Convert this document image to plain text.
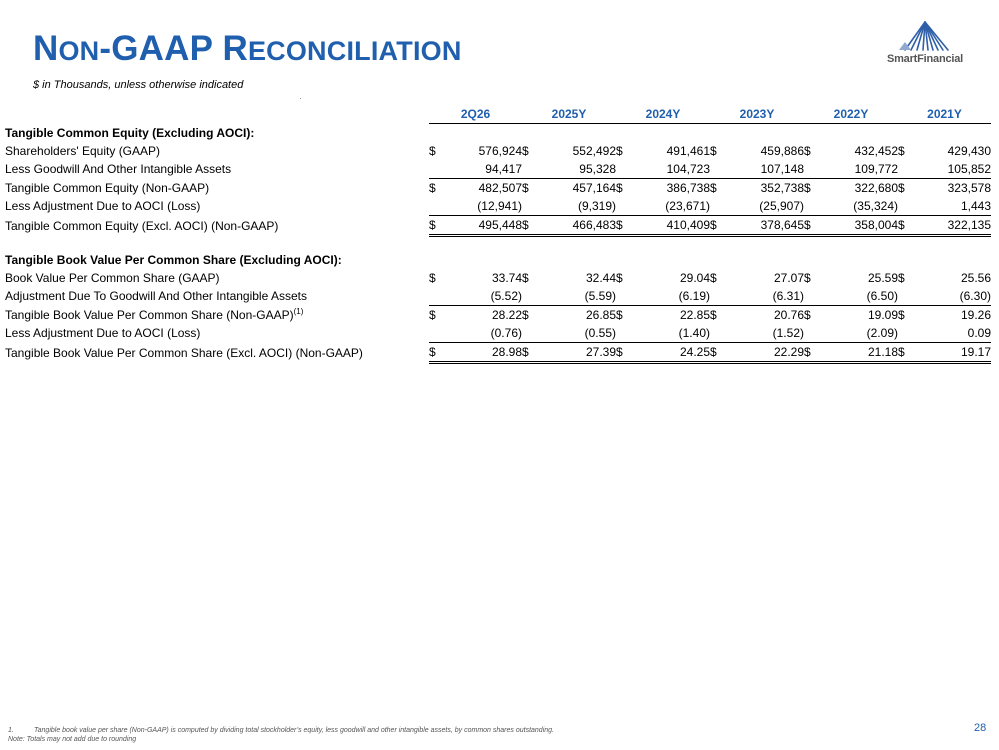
NON-GAAP RECONCILIATION
$ in Thousands, unless otherwise indicated
SmartFinancial
	2Q26		2025Y		2024Y		2023Y		2022Y		2021Y	
Tangible Common Equity (Excluding AOCI):												
Shareholders' Equity (GAAP)	$	576,924	$	552,492	$	491,461	$	459,886	$	432,452	$	429,430
Less Goodwill And Other Intangible Assets		94,417		95,328		104,723		107,148		109,772		105,852
Tangible Common Equity (Non-GAAP)	$	482,507	$	457,164	$	386,738	$	352,738	$	322,680	$	323,578
Less Adjustment Due to AOCI (Loss)		(12,941)		(9,319)		(23,671)		(25,907)		(35,324)		1,443
Tangible Common Equity (Excl. AOCI) (Non-GAAP)	$	495,448	$	466,483	$	410,409	$	378,645	$	358,004	$	322,135

Tangible Book Value Per Common Share (Excluding AOCI):												
Book Value Per Common Share (GAAP)	$	33.74	$	32.44	$	29.04	$	27.07	$	25.59	$	25.56
Adjustment Due To Goodwill And Other Intangible Assets		(5.52)		(5.59)		(6.19)		(6.31)		(6.50)		(6.30)
Tangible Book Value Per Common Share (Non-GAAP)$^{(1)}$	$	28.22	$	26.85	$	22.85	$	20.76	$	19.09	$	19.26
Less Adjustment Due to AOCI (Loss)		(0.76)		(0.55)		(1.40)		(1.52)		(2.09)		0.09
Tangible Book Value Per Common Share (Excl. AOCI) (Non-GAAP)	$	28.98	$	27.39	$	24.25	$	22.29	$	21.18	$	19.17
1.	Tangible book value per share (Non-GAAP) is computed by dividing total stockholder’s equity, less goodwill and other intangible assets, by common shares outstanding.
Note: Totals may not add due to rounding
28
